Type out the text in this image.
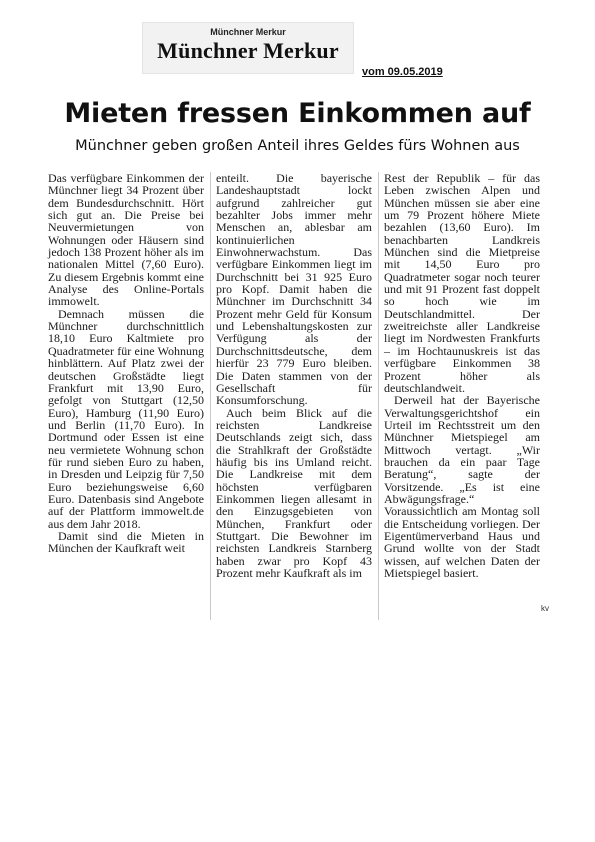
Münchner Merkur
Münchner Merkur
vom 09.05.2019
Mieten fressen Einkommen auf
Münchner geben großen Anteil ihres Geldes fürs Wohnen aus

Das verfügbare Einkommen der Münchner liegt 34 Prozent über dem Bundesdurchschnitt. Hört sich gut an. Die Preise bei Neuvermietungen von Wohnungen oder Häusern sind jedoch 138 Prozent höher als im nationalen Mittel (7,60 Euro). Zu diesem Ergebnis kommt eine Analyse des Online-Portals immowelt.

Demnach müssen die Münchner durchschnittlich 18,10 Euro Kaltmiete pro Quadratmeter für eine Wohnung hinblättern. Auf Platz zwei der deutschen Großstädte liegt Frankfurt mit 13,90 Euro, gefolgt von Stuttgart (12,50 Euro), Hamburg (11,90 Euro) und Berlin (11,70 Euro). In Dortmund oder Essen ist eine neu vermietete Wohnung schon für rund sieben Euro zu haben, in Dresden und Leipzig für 7,50 Euro beziehungsweise 6,60 Euro. Datenbasis sind Angebote auf der Plattform immowelt.de aus dem Jahr 2018.

Damit sind die Mieten in München der Kaufkraft weit

enteilt. Die bayerische Landeshauptstadt lockt aufgrund zahlreicher gut bezahlter Jobs immer mehr Menschen an, ablesbar am kontinuierlichen Einwohnerwachstum. Das verfügbare Einkommen liegt im Durchschnitt bei 31 925 Euro pro Kopf. Damit haben die Münchner im Durchschnitt 34 Prozent mehr Geld für Konsum und Lebenshaltungskosten zur Verfügung als der Durchschnittsdeutsche, dem hierfür 23 779 Euro bleiben. Die Daten stammen von der Gesellschaft für Konsumforschung.

Auch beim Blick auf die reichsten Landkreise Deutschlands zeigt sich, dass die Strahlkraft der Großstädte häufig bis ins Umland reicht. Die Landkreise mit dem höchsten verfügbaren Einkommen liegen allesamt in den Einzugsgebieten von München, Frankfurt oder Stuttgart. Die Bewohner im reichsten Landkreis Starnberg haben zwar pro Kopf 43 Prozent mehr Kaufkraft als im

Rest der Republik – für das Leben zwischen Alpen und München müssen sie aber eine um 79 Prozent höhere Miete bezahlen (13,60 Euro). Im benachbarten Landkreis München sind die Mietpreise mit 14,50 Euro pro Quadratmeter sogar noch teurer und mit 91 Prozent fast doppelt so hoch wie im Deutschlandmittel. Der zweitreichste aller Landkreise liegt im Nordwesten Frankfurts – im Hochtaunuskreis ist das verfügbare Einkommen 38 Prozent höher als deutschlandweit.

Derweil hat der Bayerische Verwaltungsgerichtshof ein Urteil im Rechtsstreit um den Münchner Mietspiegel am Mittwoch vertagt. „Wir brauchen da ein paar Tage Beratung“, sagte der Vorsitzende. „Es ist eine Abwägungsfrage.“ Voraussichtlich am Montag soll die Entscheidung vorliegen. Der Eigentümerverband Haus und Grund wollte von der Stadt wissen, auf welchen Daten der Mietspiegel basiert.

kv
